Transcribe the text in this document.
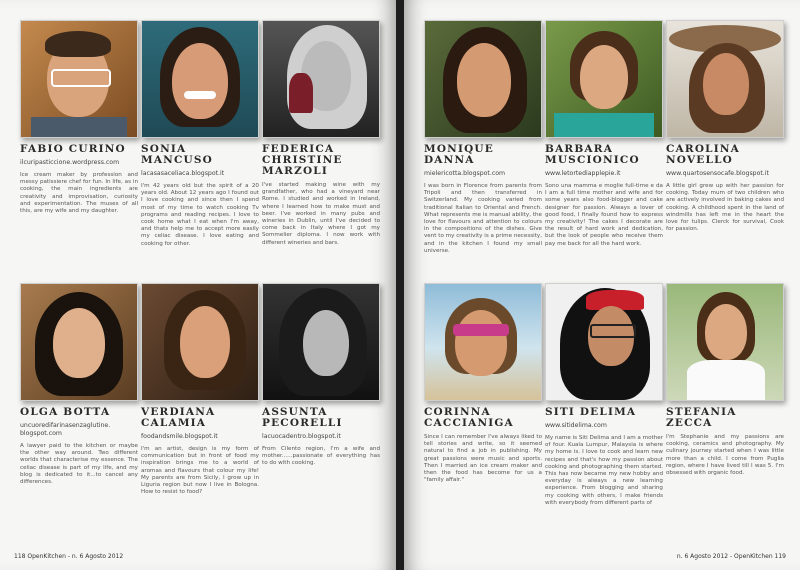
FABIO CURINO
ilcuripasticcione.wordpress.com
Ice cream maker by profession and messy patissiere chef for fun. In life, as in cooking, the main ingredients are creativity and improvisation, curiosity and experimentation. The muses of all this, are my wife and my daughter.
SONIA MANCUSO
lacasasaceliaca.blogspot.it
I'm 42 years old but the spirit of a 20 years old. About 12 years ago I found out I love cooking and since then I spend most of my time to watch cooking Tv programs and reading recipes. I love to cook home what I eat when I'm away, and thats help me to accept more easily my celiac disease. I love eating and cooking for other.
FEDERICA CHRISTINE MARZOLI
I've started making wine with my grandfather, who had a vineyard near Rome. I studied and worked in Ireland, where I learned how to make must and beer. I've worked in many pubs and wineries in Dublin, until I've decided to come back in Italy where I got my Sommelier diploma. I now work with different wineries and bars.
OLGA BOTTA
uncuoredifarinasenzaglutine. blogspot.com
A lawyer paid to the kitchen or maybe the other way around. Two different worlds that characterise my essence. The celiac disease is part of my life, and my blog is dedicated to it...to cancel any differences.
VERDIANA CALAMIA
foodandsmile.blogspot.it
I'm an artist, design is my form of communication but in front of food my inspiration brings me to a world of aromas and flavours that colour my life! My parents are from Sicily, I grow up in Liguria region but now I live in Bologna. How to resist to food?
ASSUNTA PECORELLI
lacuocadentro.blogspot.it
From Cilento region, I'm a wife and mother......passionate of everything has to do with cooking.
118 OpenKitchen - n. 6 Agosto 2012
MONIQUE DANNA
mielericotta.blogspot.com
I was born in Florence from parents from Tripoli and then transferred in Switzerland. My cooking varied from traditional Italian to Oriental and French. What represents me is manual ability, the love for flavours and attention to colours in the compositions of the dishes. Give vent to my creativity is a prime necessity, and in the kitchen I found my small universe.
BARBARA MUSCIONICO
www.letortediapplepie.it
Sono una mamma e moglie full-time e da I am a full time mother and wife and for some years also food-blogger and cake designer for passion. Always a lover of good food, I finally found how to express my creativity! The cakes I decorate are the result of hard work and dedication, but the look of people who receive them pay me back for all the hard work.
CAROLINA NOVELLO
www.quartosensocafe.blogspot.it
A little girl grew up with her passion for cooking. Today mum of two children who are actively involved in baking cakes and cooking. A childhood spent in the land of windmills has left me in the heart the love for tulips. Clerck for survival, Cook for passion.
CORINNA CACCIANIGA
Since I can remember I've always liked to tell stories and write, so it seemed natural to find a job in publishing. My great passions were music and sports. Then I married an ice cream maker and then the food has become for us a "family affair."
SITI DELIMA
www.sitidelima.com
My name is Siti Delima and I am a mother of four. Kuala Lumpur, Malaysia is where my home is. I love to cook and learn new recipes and that's how my passion about cooking and photographing them started. This has now became my new hobby and everyday is always a new learning experience. From blogging and sharing my cooking with others, I make friends with everybody from different parts of
STEFANIA ZECCA
I'm Stephanie and my passions are cooking, ceramics and photography. My culinary journey started when I was little more than a child. I come from Puglia region, where I have lived till I was 5. I'm obsessed with organic food.
n. 6 Agosto 2012 - OpenKitchen 119
